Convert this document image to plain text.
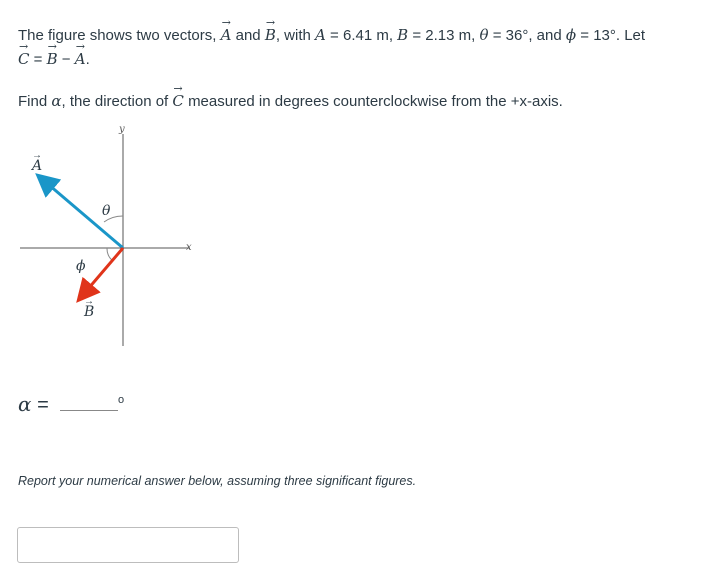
The figure shows two vectors, → A and → B, with A = 6.41 m, B = 2.13 m, θ = 36°, and ϕ = 13°. Let
→ C = → B − → A.
Find α, the direction of → C measured in degrees counterclockwise from the +x-axis.
y
x
A
→
B
→
θ
ϕ
α =	o
Report your numerical answer below, assuming three significant figures.
